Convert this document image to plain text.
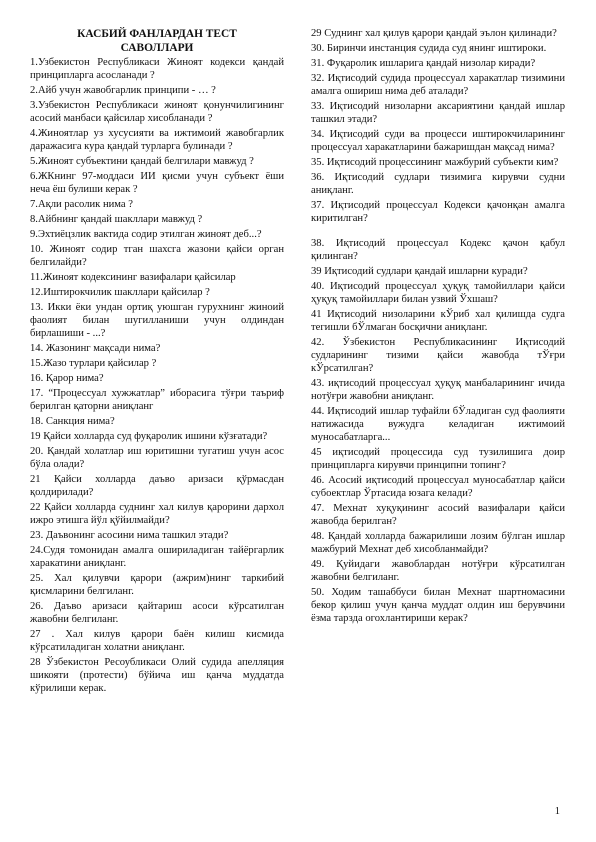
КАСБИЙ ФАНЛАРДАН ТЕСТ
САВОЛЛАРИ
1.Узбекистон Республикаси Жиноят кодекси қандай принципларга асосланади ?
2.Айб учун жавобгарлик принципи - … ?
3.Узбекистон Республикаси жиноят қонунчилигининг асосий манбаси қайсилар хисобланади ?
4.Жиноятлар уз хусусияти ва ижтимоий жавобгарлик даражасига кура қандай турларга булинади ?
5.Жиноят субъектини қандай белгилари мавжуд ?
6.ЖКнинг 97-моддаси ИИ қисми учун субъект ёши неча ёш булиши керак ?
7.Ақли расолик нима ?
8.Айбнинг қандай шакллари мавжуд ?
9.Эхтиёцзлик вактида содир этилган жиноят деб...?
10. Жиноят содир тган шахсга жазони қайси орган белгилайди?
11.Жиноят кодексининг вазифалари қайсилар
12.Иштирокчилик шакллари қайсилар ?
13. Икки ёки ундан ортиқ уюшган гурухнинг жиноий фаолият билан шугилланиши учун олдиндан бирлашиши - ...?
14. Жазонинг мақсади нима?
15.Жазо турлари қайсилар ?
16. Қарор нима?
17. “Процессуал хужжатлар” иборасига тўғри таъриф берилган қаторни аниқланг
18. Санкция нима?
19 Қайси холларда суд фуқаролик ишини кўзғатади?
20. Қандай холатлар иш юритишни тугатиш учун асос бўла олади?
21 Қайси холларда даъво аризаси қўрмасдан қолдирилади?
22 Қайси холларда суднинг хал килув қарорини дархол ижро этишга йўл қўйилмайди?
23. Даъвонинг асосини нима ташкил этади?
24.Судя томонидан амалга ошириладиган тайёргарлик харакатини аниқланг.
25. Хал қилувчи қарори (ажрим)нинг таркибий қисмларини белгиланг.
26. Даъво аризаси қайтариш асоси кўрсатилган жавобни белгиланг.
27 . Хал килув қарори баён килиш кисмида кўрсатиладиган холатни аниқланг.
28 Ўзбекистон Ресоубликаси Олий судида апелляция шикояти (протести) бўйича иш қанча муддатда кўрилиши керак.
29 Суднинг хал қилув қарори қандай эълон қилинади?
30. Биринчи инстанция судида суд янинг иштироки.
31. Фуқаролик ишларига қандай низолар киради?
32. Иқтисодий судида процессуал харакатлар тизимини амалга ошириш нима деб аталади?
33. Иқтисодий низоларни аксариятини қандай ишлар ташкил этади?
34. Иқтисодий суди ва процесси иштирокчиларининг процессуал харакатларини бажаришдан мақсад нима?
35. Иқтисодий процессининг мажбурий субъекти ким?
36. Иқтисодий судлари тизимига кирувчи судни аниқланг.
37. Иқтисодий процессуал Кодекси қачонқан амалга киритилган?
38. Иқтисодий процессуал Кодекс қачон қабул қилинган?
39 Иқтисодий судлари қандай ишларни куради?
40. Иқтисодий процессуал ҳуқуқ тамойиллари қайси ҳуқуқ тамойиллари билан узвий Ўхшаш?
41 Иқтисодий низоларини кЎриб хал қилишда судга тегишли бЎлмаган босқични аниқланг.
42. Ўзбекистон Республикасининг Иқтисодий судларининг тизими қайси жавобда тЎғри кЎрсатилган?
43. иқтисодий процессуал ҳуқуқ манбаларининг ичида нотўғри жавобни аниқланг.
44. Иқтисодий ишлар туфайли бЎладиган суд фаолияти натижасида вужудга келадиган ижтимоий муносабатларга...
45 иқтисодий процессида суд тузилишига доир принципларга кирувчи принципни топинг?
46. Асосий иқтисодий процессуал муносабатлар қайси субоектлар Ўртасида юзага келади?
47. Мехнат хуқуқининг асосий вазифалари қайси жавобда берилган?
48. Қандай холларда бажарилиши лозим бўлган ишлар мажбурий Мехнат деб хисобланмайди?
49. Қуйидаги жавоблардан нотўғри кўрсатилган жавобни белгиланг.
50. Ходим ташаббуси билан Мехнат шартномасини бекор қилиш учун қанча муддат олдин иш берувчини ёзма тарзда огохлантириши керак?
1
